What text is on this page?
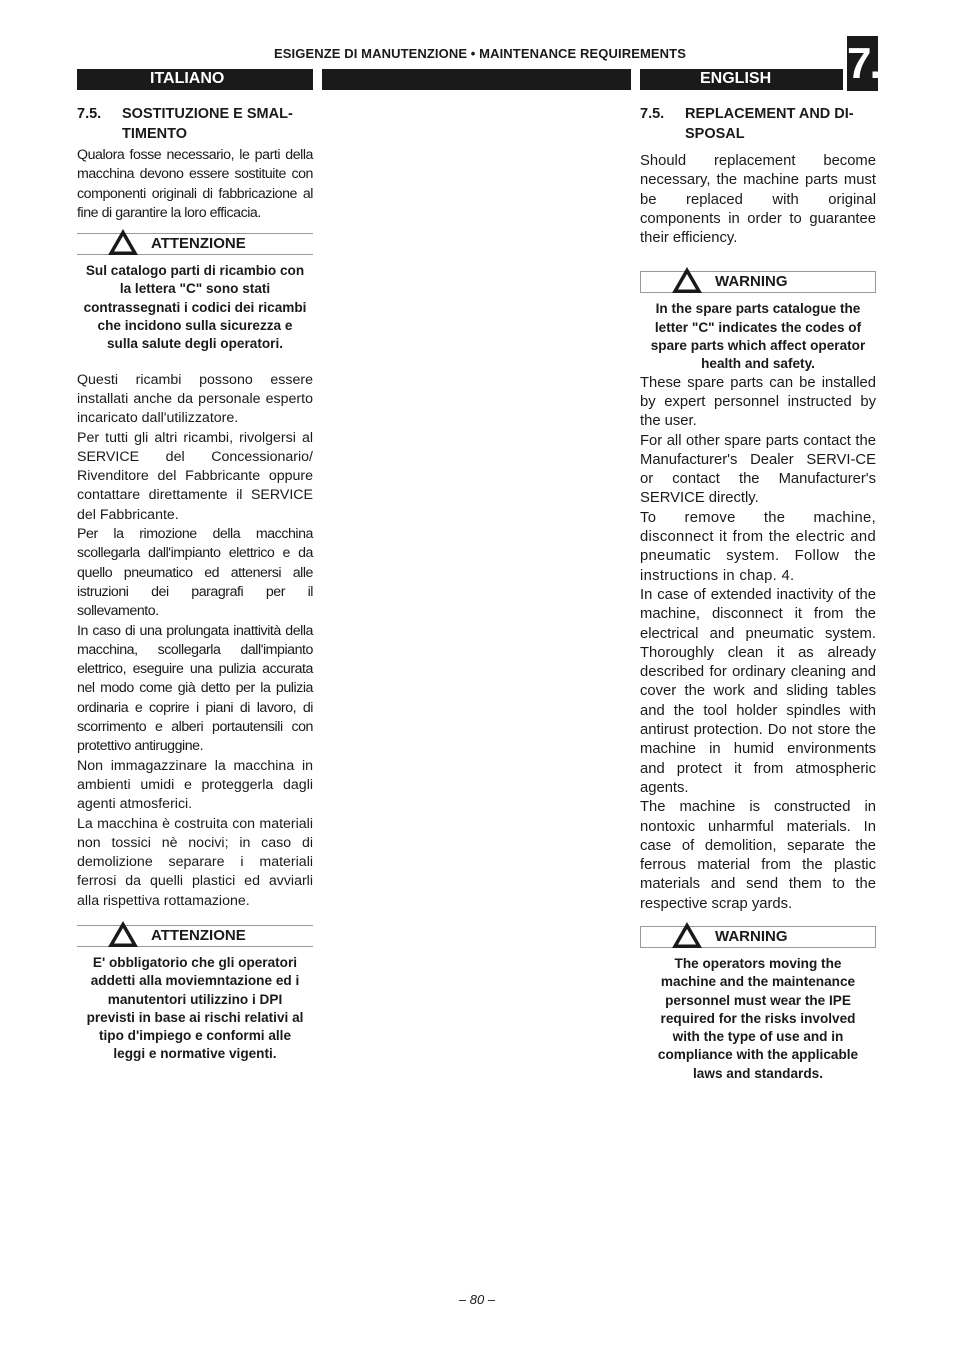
ESIGENZE DI MANUTENZIONE • MAINTENANCE REQUIREMENTS	7.
ITALIANO	ENGLISH
7.5.	SOSTITUZIONE E SMAL-TIMENTO

Qualora fosse necessario, le parti della macchina devono essere sostituite con componenti originali di fabbricazione al fine di garantire la loro efficacia.

ATTENZIONE
Sul catalogo parti di ricambio con la lettera "C" sono stati contrassegnati i codici dei ricambi che incidono sulla sicurezza e sulla salute degli operatori.

Questi ricambi possono essere installati anche da personale esperto incaricato dall'utilizzatore.

Per tutti gli altri ricambi, rivolgersi al SERVICE del Concessionario/ Rivenditore del Fabbricante oppure contattare direttamente il SERVICE del Fabbricante.

Per la rimozione della macchina scollegarla dall'impianto elettrico e da quello pneumatico ed attenersi alle istruzioni dei paragrafi per il sollevamento.

In caso di una prolungata inattività della macchina, scollegarla dall'impianto elettrico, eseguire una pulizia accurata nel modo come già detto per la pulizia ordinaria e coprire i piani di lavoro, di scorrimento e alberi portautensili con protettivo antiruggine.

Non immagazzinare la macchina in ambienti umidi e proteggerla dagli agenti atmosferici.

La macchina è costruita con materiali non tossici nè nocivi; in caso di demolizione separare i materiali ferrosi da quelli plastici ed avviarli alla rispettiva rottamazione.

ATTENZIONE
E' obbligatorio che gli operatori addetti alla moviemntazione ed i manutentori utilizzino i DPI previsti in base ai rischi relativi al tipo d'impiego e conformi alle leggi e normative vigenti.
7.5.	REPLACEMENT AND DI-SPOSAL

Should replacement become necessary, the machine parts must be replaced with original components in order to guarantee their efficiency.

WARNING
In the spare parts catalogue the letter "C" indicates the codes of spare parts which affect operator health and safety.

These spare parts can be installed by expert personnel instructed by the user.

For all other spare parts contact the Manufacturer's Dealer SERVI-CE or contact the Manufacturer's SERVICE directly.

To remove the machine, disconnect it from the electric and pneumatic system. Follow the instructions in chap. 4.

In case of extended inactivity of the machine, disconnect it from the electrical and pneumatic system. Thoroughly clean it as already described for ordinary cleaning and cover the work and sliding tables and the tool holder spindles with antirust protection. Do not store the machine in humid environments and protect it from atmospheric agents.

The machine is constructed in nontoxic unharmful materials. In case of demolition, separate the ferrous material from the plastic materials and send them to the respective scrap yards.

WARNING
The operators moving the machine and the maintenance personnel must wear the IPE required for the risks involved with the type of use and in compliance with the applicable laws and standards.
– 80 –
